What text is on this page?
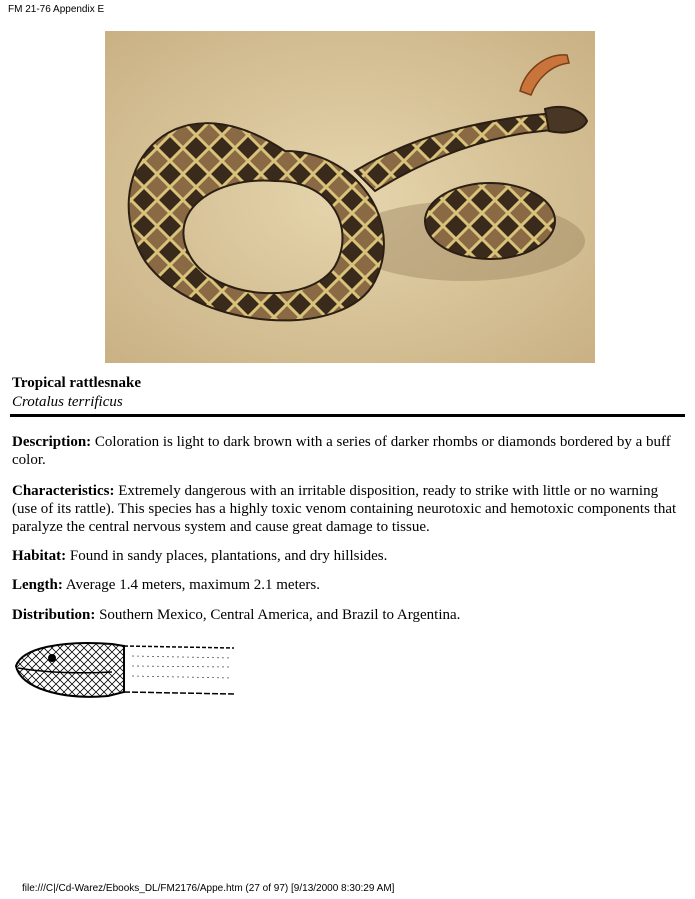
FM 21-76 Appendix E
Tropical rattlesnake
Crotalus terrificus
Description: Coloration is light to dark brown with a series of darker rhombs or diamonds bordered by a buff color.
Characteristics: Extremely dangerous with an irritable disposition, ready to strike with little or no warning (use of its rattle). This species has a highly toxic venom containing neurotoxic and hemotoxic components that paralyze the central nervous system and cause great damage to tissue.
Habitat: Found in sandy places, plantations, and dry hillsides.
Length: Average 1.4 meters, maximum 2.1 meters.
Distribution: Southern Mexico, Central America, and Brazil to Argentina.
file:///C|/Cd-Warez/Ebooks_DL/FM2176/Appe.htm (27 of 97) [9/13/2000 8:30:29 AM]
